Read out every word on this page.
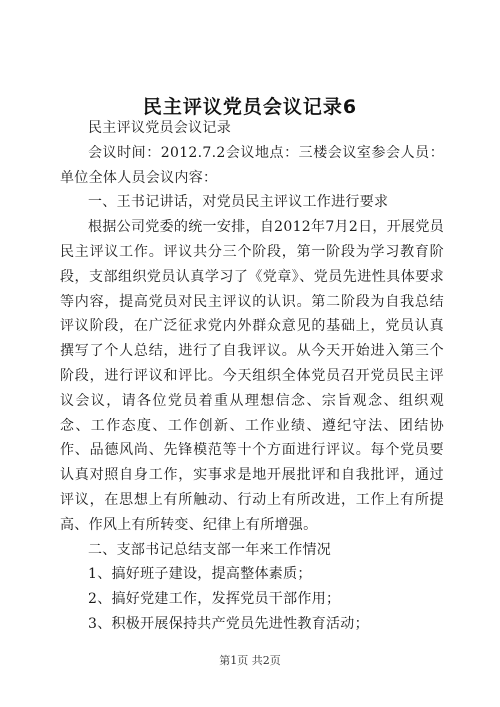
民主评议党员会议记录6

民主评议党员会议记录

会议时间：2012.7.2会议地点：三楼会议室参会人员：单位全体人员会议内容：

一、王书记讲话，对党员民主评议工作进行要求

根据公司党委的统一安排，自2012年7月2日，开展党员民主评议工作。评议共分三个阶段，第一阶段为学习教育阶段，支部组织党员认真学习了《党章》、党员先进性具体要求等内容，提高党员对民主评议的认识。第二阶段为自我总结评议阶段，在广泛征求党内外群众意见的基础上，党员认真撰写了个人总结，进行了自我评议。从今天开始进入第三个阶段，进行评议和评比。今天组织全体党员召开党员民主评议会议，请各位党员着重从理想信念、宗旨观念、组织观念、工作态度、工作创新、工作业绩、遵纪守法、团结协作、品德风尚、先锋模范等十个方面进行评议。每个党员要认真对照自身工作，实事求是地开展批评和自我批评，通过评议，在思想上有所触动、行动上有所改进，工作上有所提高、作风上有所转变、纪律上有所增强。

二、支部书记总结支部一年来工作情况

1、搞好班子建设，提高整体素质；

2、搞好党建工作，发挥党员干部作用；

3、积极开展保持共产党员先进性教育活动；

第1页 共2页
